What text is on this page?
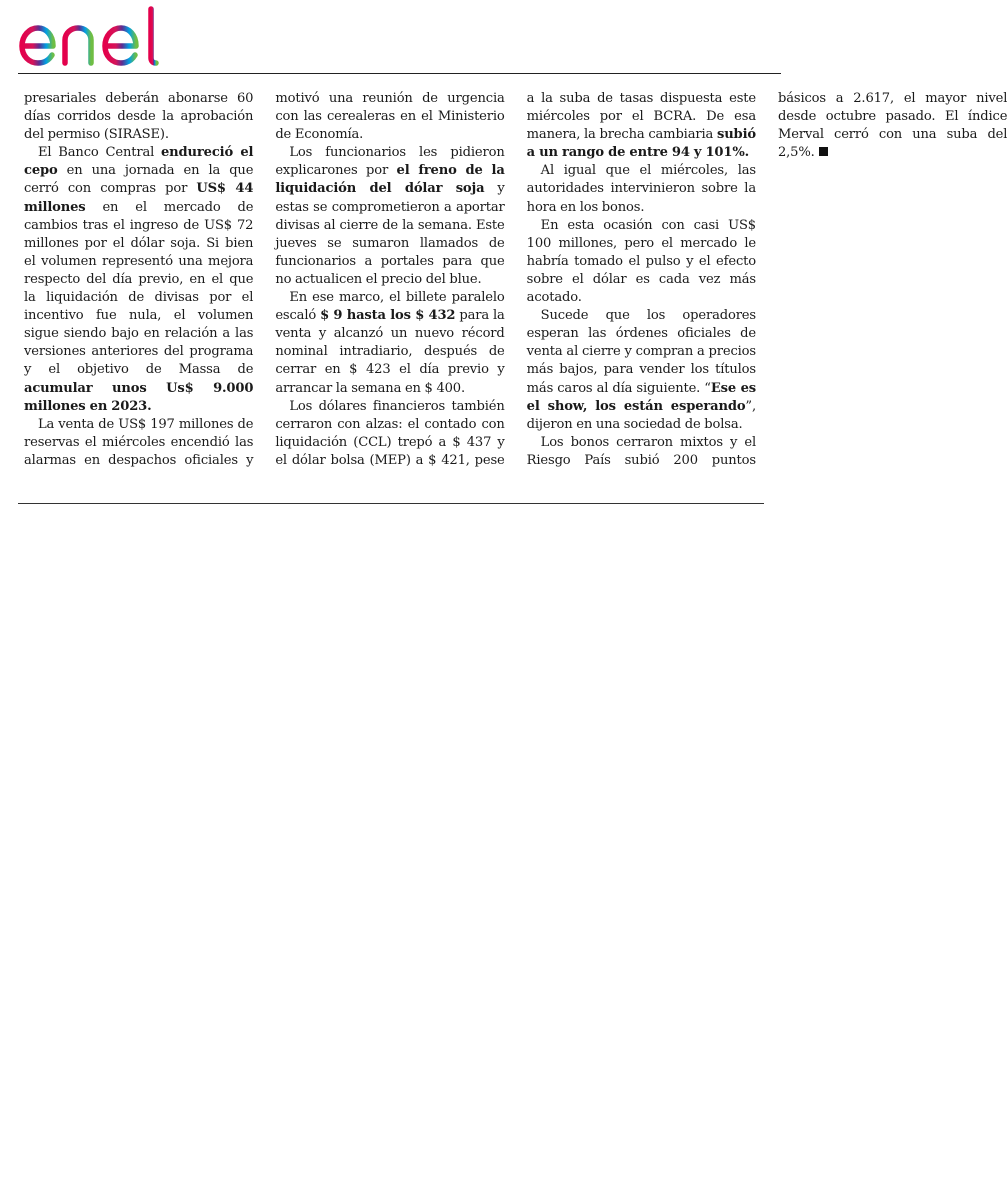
presariales deberán abonarse 60 días corridos desde la aprobación del permiso (SIRASE).

El Banco Central endureció el cepo en una jornada en la que cerró con compras por US$ 44 millones en el mercado de cambios tras el ingreso de US$ 72 millones por el dólar soja. Si bien el volumen representó una mejora respecto del día previo, en el que la liquidación de divisas por el incentivo fue nula, el volumen sigue siendo bajo en relación a las versiones anteriores del programa y el objetivo de Massa de acumular unos Us$ 9.000 millones en 2023.

La venta de US$ 197 millones de reservas el miércoles encendió las alarmas en despachos oficiales y motivó una reunión de urgencia con las cerealeras en el Ministerio de Economía.

Los funcionarios les pidieron explicarones por el freno de la liquidación del dólar soja y estas se comprometieron a aportar divisas al cierre de la semana. Este jueves se sumaron llamados de funcionarios a portales para que no actualicen el precio del blue.

En ese marco, el billete paralelo escaló $ 9 hasta los $ 432 para la venta y alcanzó un nuevo récord nominal intradiario, después de cerrar en $ 423 el día previo y arrancar la semana en $ 400.

Los dólares financieros también cerraron con alzas: el contado con liquidación (CCL) trepó a $ 437 y el dólar bolsa (MEP) a $ 421, pese a la suba de tasas dispuesta este miércoles por el BCRA. De esa manera, la brecha cambiaria subió a un rango de entre 94 y 101%.

Al igual que el miércoles, las autoridades intervinieron sobre la hora en los bonos.

En esta ocasión con casi US$ 100 millones, pero el mercado le habría tomado el pulso y el efecto sobre el dólar es cada vez más acotado.

Sucede que los operadores esperan las órdenes oficiales de venta al cierre y compran a precios más bajos, para vender los títulos más caros al día siguiente. “Ese es el show, los están esperando”, dijeron en una sociedad de bolsa.

Los bonos cerraron mixtos y el Riesgo País subió 200 puntos básicos a 2.617, el mayor nivel desde octubre pasado. El índice Merval cerró con una suba del 2,5%.
